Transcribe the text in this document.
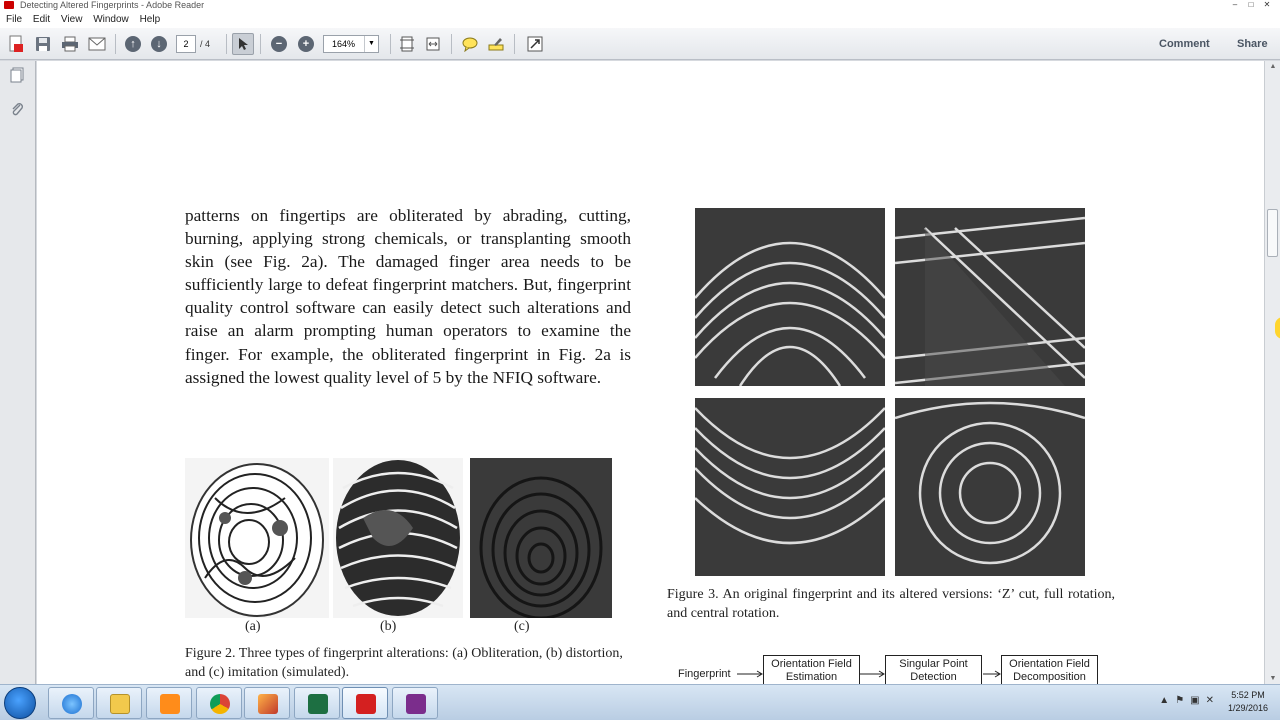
Detecting Altered Fingerprints - Adobe Reader	–	□	✕
File Edit View Window Help
↑	↓	2	/ 4	−	+	164%	▼	Comment Share

patterns on fingertips are obliterated by abrading, cutting, burning, applying strong chemicals, or transplanting smooth skin (see Fig. 2a). The damaged finger area needs to be sufficiently large to defeat fingerprint matchers. But, fingerprint quality control software can easily detect such alterations and raise an alarm prompting human operators to examine the finger. For example, the obliterated fingerprint in Fig. 2a is assigned the lowest quality level of 5 by the NFIQ software.

(a)	(b)	(c)

Figure 2. Three types of fingerprint alterations: (a) Obliteration, (b) distortion, and (c) imitation (simulated).

Figure 3. An original fingerprint and its altered versions: ‘Z’ cut, full rotation, and central rotation.

Fingerprint
Orientation Field Estimation
Singular Point Detection
Orientation Field Decomposition
▲
▼
▲⚑▣✕	5:52 PM
1/29/2016
